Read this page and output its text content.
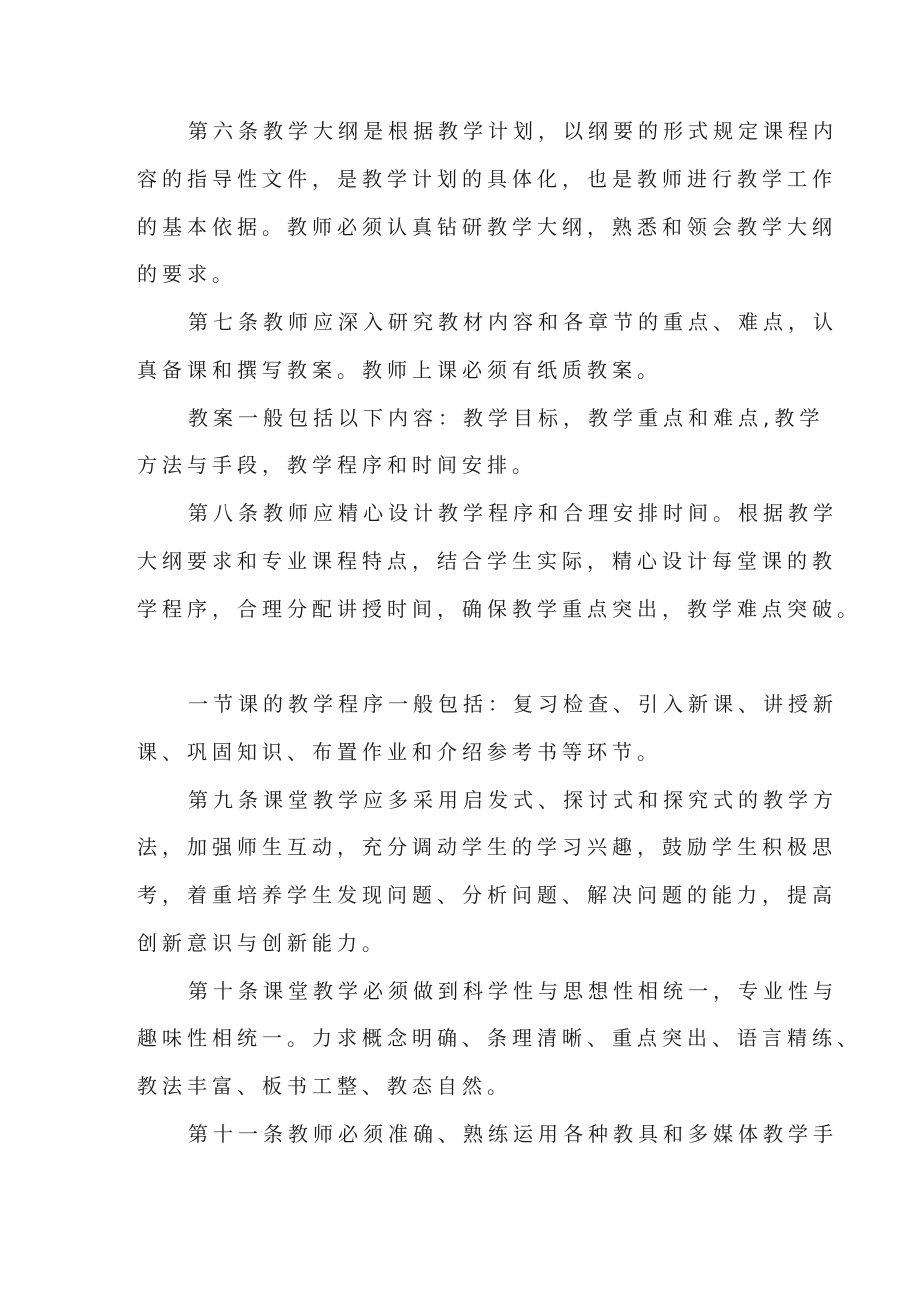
第六条教学大纲是根据教学计划，以纲要的形式规定课程内
容的指导性文件，是教学计划的具体化，也是教师进行教学工作
的基本依据。教师必须认真钻研教学大纲，熟悉和领会教学大纲
的要求。
第七条教师应深入研究教材内容和各章节的重点、难点，认
真备课和撰写教案。教师上课必须有纸质教案。
教案一般包括以下内容：教学目标，教学重点和难点,教学
方法与手段，教学程序和时间安排。
第八条教师应精心设计教学程序和合理安排时间。根据教学
大纲要求和专业课程特点，结合学生实际，精心设计每堂课的教
学程序，合理分配讲授时间，确保教学重点突出，教学难点突破。
一节课的教学程序一般包括：复习检查、引入新课、讲授新
课、巩固知识、布置作业和介绍参考书等环节。
第九条课堂教学应多采用启发式、探讨式和探究式的教学方
法，加强师生互动，充分调动学生的学习兴趣，鼓励学生积极思
考，着重培养学生发现问题、分析问题、解决问题的能力，提高
创新意识与创新能力。
第十条课堂教学必须做到科学性与思想性相统一，专业性与
趣味性相统一。力求概念明确、条理清晰、重点突出、语言精练、
教法丰富、板书工整、教态自然。
第十一条教师必须准确、熟练运用各种教具和多媒体教学手
